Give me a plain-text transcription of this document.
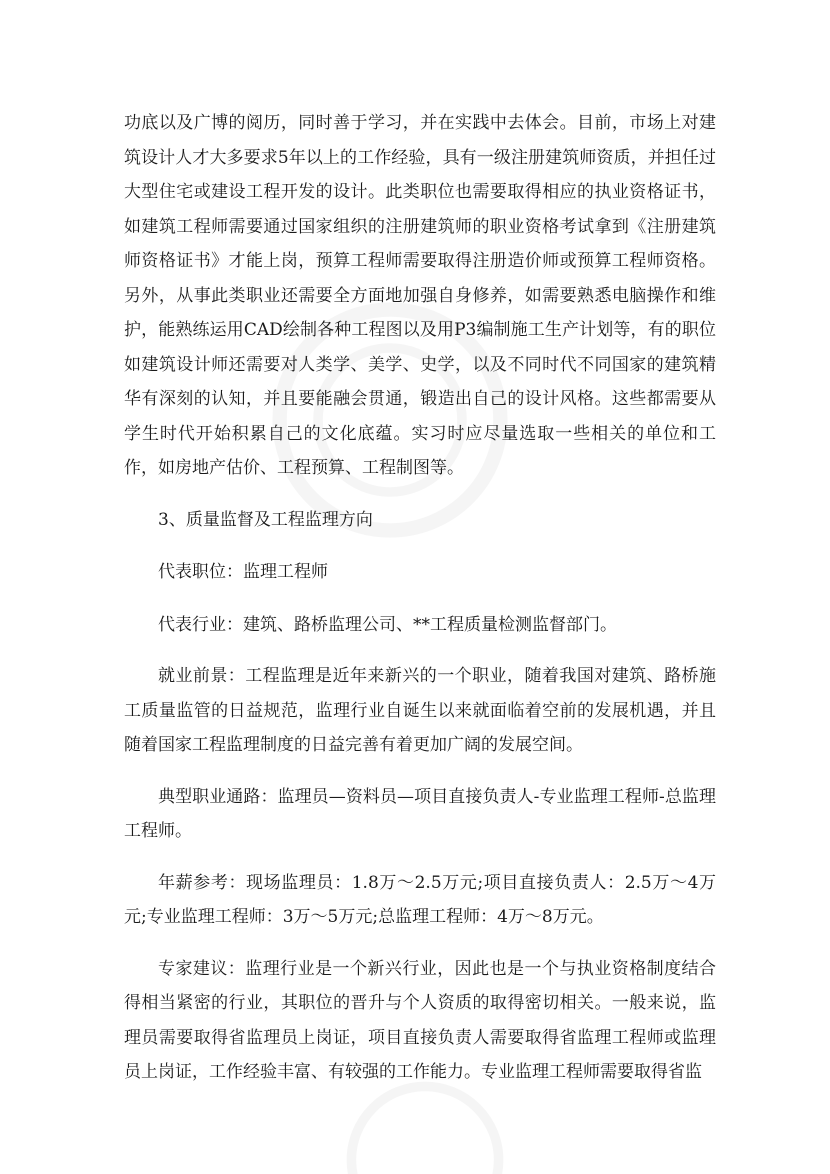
功底以及广博的阅历，同时善于学习，并在实践中去体会。目前，市场上对建筑设计人才大多要求5年以上的工作经验，具有一级注册建筑师资质，并担任过大型住宅或建设工程开发的设计。此类职位也需要取得相应的执业资格证书，如建筑工程师需要通过国家组织的注册建筑师的职业资格考试拿到《注册建筑师资格证书》才能上岗，预算工程师需要取得注册造价师或预算工程师资格。另外，从事此类职业还需要全方面地加强自身修养，如需要熟悉电脑操作和维护，能熟练运用CAD绘制各种工程图以及用P3编制施工生产计划等，有的职位如建筑设计师还需要对人类学、美学、史学，以及不同时代不同国家的建筑精华有深刻的认知，并且要能融会贯通，锻造出自己的设计风格。这些都需要从学生时代开始积累自己的文化底蕴。实习时应尽量选取一些相关的单位和工作，如房地产估价、工程预算、工程制图等。

3、质量监督及工程监理方向

代表职位：监理工程师

代表行业：建筑、路桥监理公司、**工程质量检测监督部门。

就业前景：工程监理是近年来新兴的一个职业，随着我国对建筑、路桥施工质量监管的日益规范，监理行业自诞生以来就面临着空前的发展机遇，并且随着国家工程监理制度的日益完善有着更加广阔的发展空间。

典型职业通路：监理员—资料员—项目直接负责人-专业监理工程师-总监理工程师。

年薪参考：现场监理员：1.8万～2.5万元;项目直接负责人：2.5万～4万元;专业监理工程师：3万～5万元;总监理工程师：4万～8万元。

专家建议：监理行业是一个新兴行业，因此也是一个与执业资格制度结合得相当紧密的行业，其职位的晋升与个人资质的取得密切相关。一般来说，监理员需要取得省监理员上岗证，项目直接负责人需要取得省监理工程师或监理员上岗证，工作经验丰富、有较强的工作能力。专业监理工程师需要取得省监
